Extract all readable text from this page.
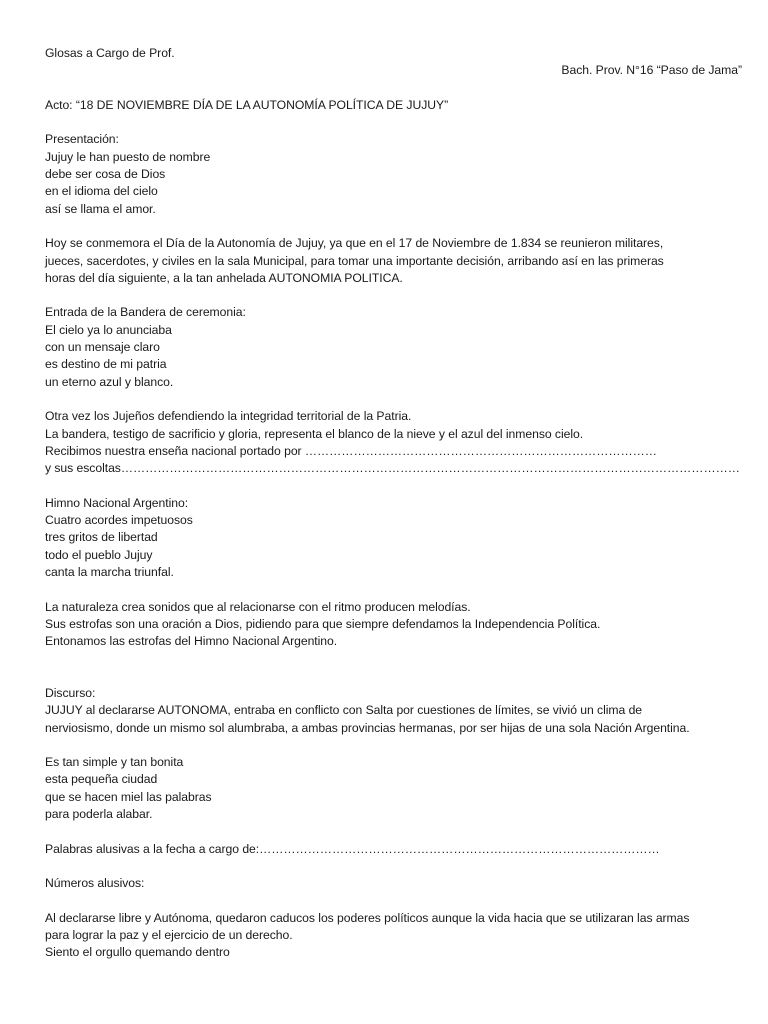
Glosas a Cargo de Prof.
Bach. Prov. N°16 “Paso de Jama”
Acto: “18 DE NOVIEMBRE DÍA DE LA AUTONOMÍA POLÍTICA DE JUJUY”
Presentación:
Jujuy le han puesto de nombre
debe ser cosa de Dios
en el idioma del cielo
así se llama el amor.
Hoy se conmemora el Día de la Autonomía de Jujuy, ya que en el 17 de Noviembre de 1.834 se reunieron militares,
jueces, sacerdotes, y civiles en la sala Municipal, para tomar una importante decisión, arribando así en las primeras
horas del día siguiente, a la tan anhelada AUTONOMIA POLITICA.
Entrada de la Bandera de ceremonia:
El cielo ya lo anunciaba
con un mensaje claro
es destino de mi patria
un eterno azul y blanco.
Otra vez los Jujeños defendiendo la integridad territorial de la Patria.
La bandera, testigo de sacrificio y gloria, representa el blanco de la nieve y el azul del inmenso cielo.
Recibimos nuestra enseña nacional portado por ……………………………………………………………………………
y sus escoltas………………………………………………………………………………………………………………………………………
Himno Nacional Argentino:
Cuatro acordes impetuosos
tres gritos de libertad
todo el pueblo Jujuy
canta la marcha triunfal.
La naturaleza crea sonidos que al relacionarse con el ritmo producen melodías.
Sus estrofas son una oración a Dios, pidiendo para que siempre defendamos la Independencia Política.
Entonamos las estrofas del Himno Nacional Argentino.
Discurso:
JUJUY al declararse AUTONOMA, entraba en conflicto con Salta por cuestiones de límites, se vivió un clima de
nerviosismo, donde un mismo sol alumbraba, a ambas provincias hermanas, por ser hijas de una sola Nación Argentina.
Es tan simple y tan bonita
esta pequeña ciudad
que se hacen miel las palabras
para poderla alabar.
Palabras alusivas a la fecha a cargo de:………………………………………………………………………………………
Números alusivos:
Al declararse libre y Autónoma, quedaron caducos los poderes políticos aunque la vida hacia que se utilizaran las armas
para lograr la paz y el ejercicio de un derecho.
Siento el orgullo quemando dentro
